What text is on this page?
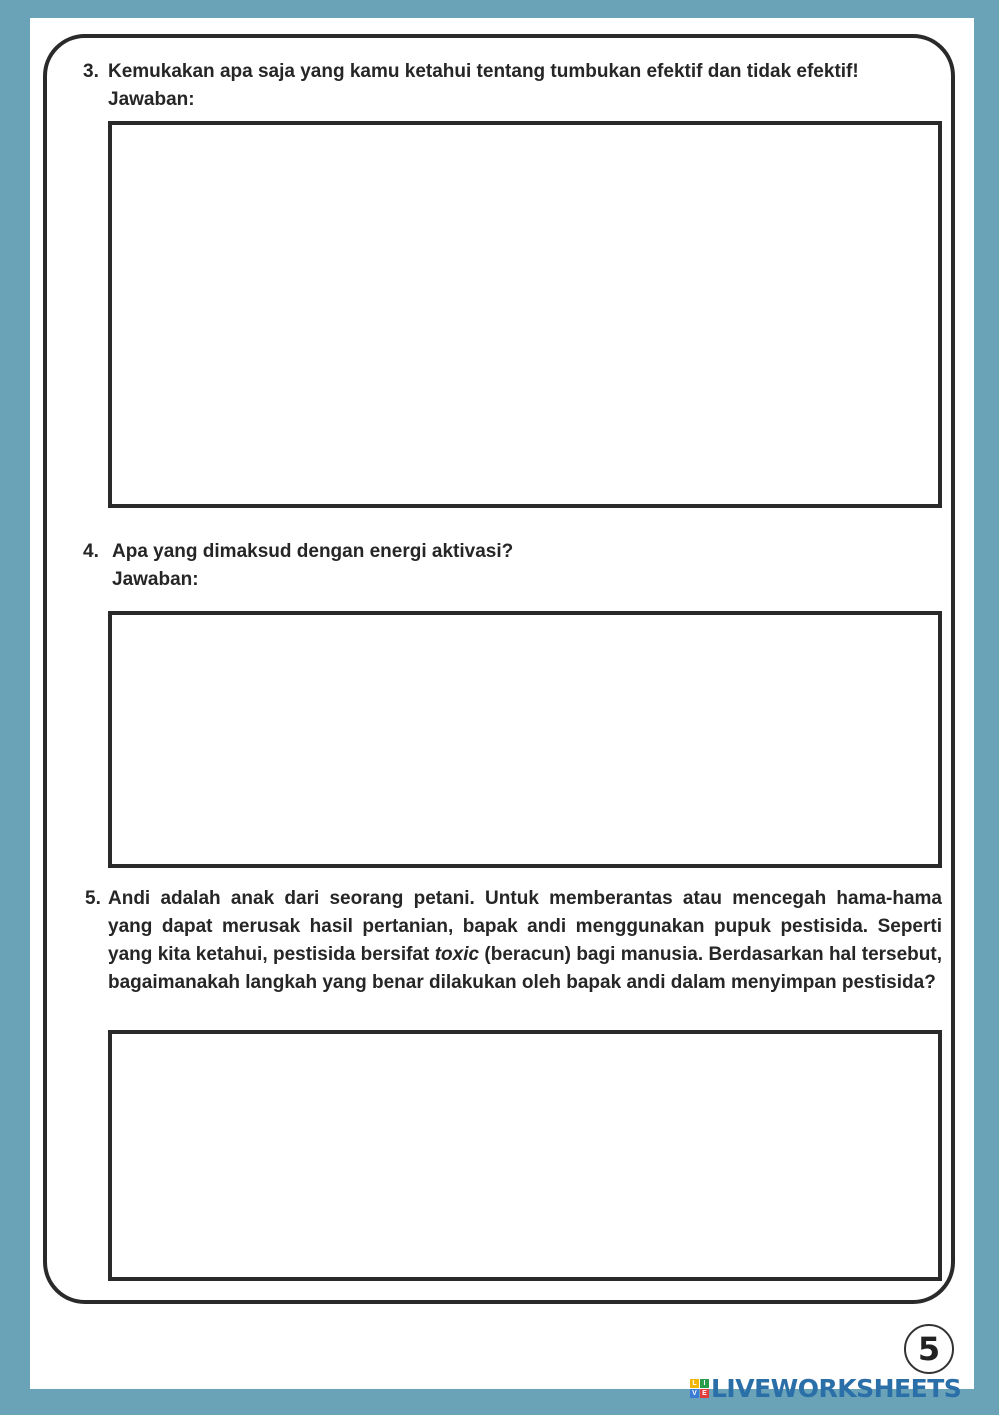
3. Kemukakan apa saja yang kamu ketahui tentang tumbukan efektif dan tidak efektif!
Jawaban:
4. Apa yang dimaksud dengan energi aktivasi?
Jawaban:
5. Andi adalah anak dari seorang petani. Untuk memberantas atau mencegah hama-hama yang dapat merusak hasil pertanian, bapak andi menggunakan pupuk pestisida. Seperti yang kita ketahui, pestisida bersifat toxic (beracun) bagi manusia. Berdasarkan hal tersebut, bagaimanakah langkah yang benar dilakukan oleh bapak andi dalam menyimpan pestisida?
5
L I
V E LIVEWORKSHEETS
